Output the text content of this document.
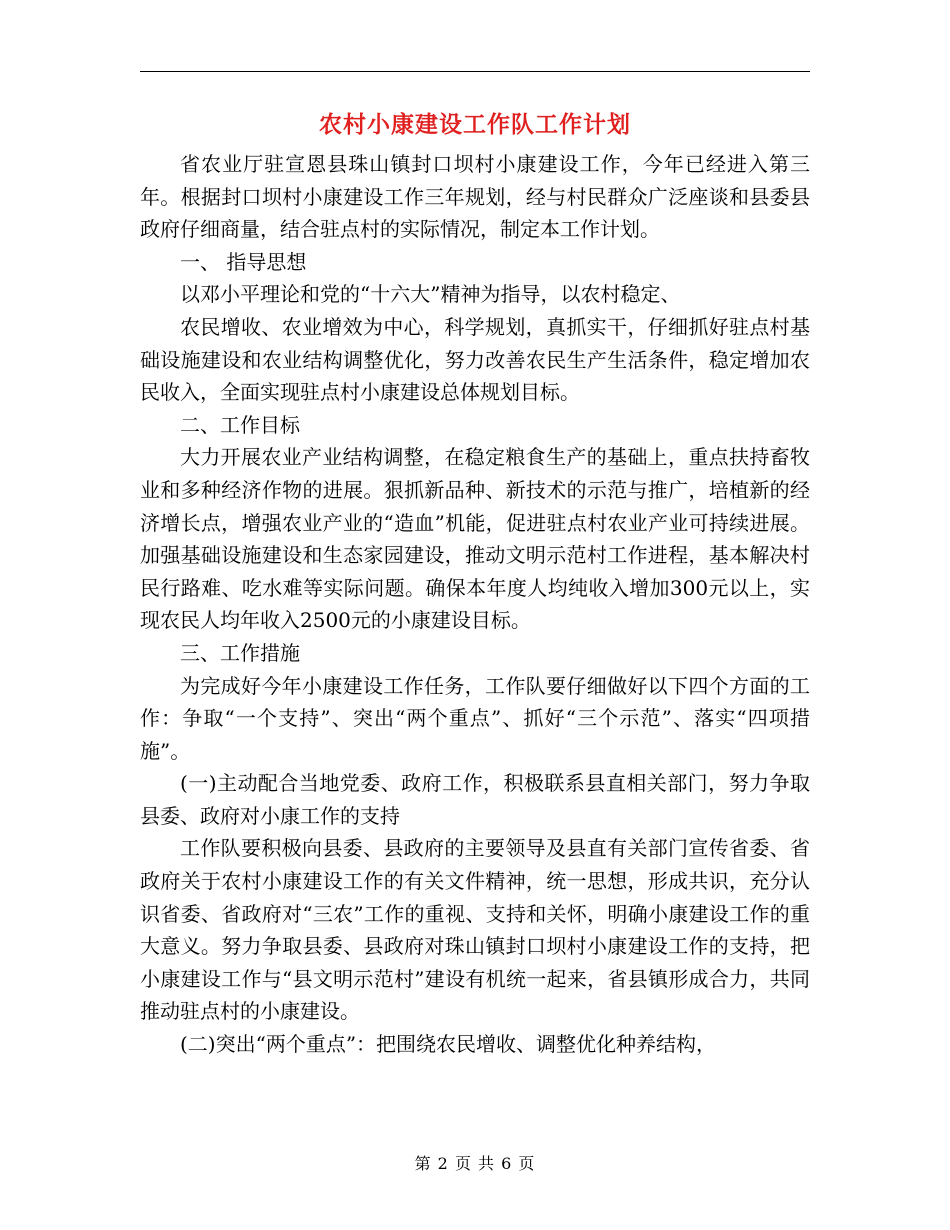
农村小康建设工作队工作计划

省农业厅驻宣恩县珠山镇封口坝村小康建设工作，今年已经进入第三年。根据封口坝村小康建设工作三年规划，经与村民群众广泛座谈和县委县政府仔细商量，结合驻点村的实际情况，制定本工作计划。

一、 指导思想

以邓小平理论和党的“十六大”精神为指导，以农村稳定、

农民增收、农业增效为中心，科学规划，真抓实干，仔细抓好驻点村基础设施建设和农业结构调整优化，努力改善农民生产生活条件，稳定增加农民收入，全面实现驻点村小康建设总体规划目标。

二、工作目标

大力开展农业产业结构调整，在稳定粮食生产的基础上，重点扶持畜牧业和多种经济作物的进展。狠抓新品种、新技术的示范与推广，培植新的经济增长点，增强农业产业的“造血”机能，促进驻点村农业产业可持续进展。加强基础设施建设和生态家园建设，推动文明示范村工作进程，基本解决村民行路难、吃水难等实际问题。确保本年度人均纯收入增加300元以上，实现农民人均年收入2500元的小康建设目标。

三、工作措施

为完成好今年小康建设工作任务，工作队要仔细做好以下四个方面的工作：争取“一个支持”、突出“两个重点”、抓好“三个示范”、落实“四项措施”。

(一)主动配合当地党委、政府工作，积极联系县直相关部门，努力争取县委、政府对小康工作的支持

工作队要积极向县委、县政府的主要领导及县直有关部门宣传省委、省政府关于农村小康建设工作的有关文件精神，统一思想，形成共识，充分认识省委、省政府对“三农”工作的重视、支持和关怀，明确小康建设工作的重大意义。努力争取县委、县政府对珠山镇封口坝村小康建设工作的支持，把小康建设工作与“县文明示范村”建设有机统一起来，省县镇形成合力，共同推动驻点村的小康建设。

(二)突出“两个重点”：把围绕农民增收、调整优化种养结构，

第 2 页 共 6 页
